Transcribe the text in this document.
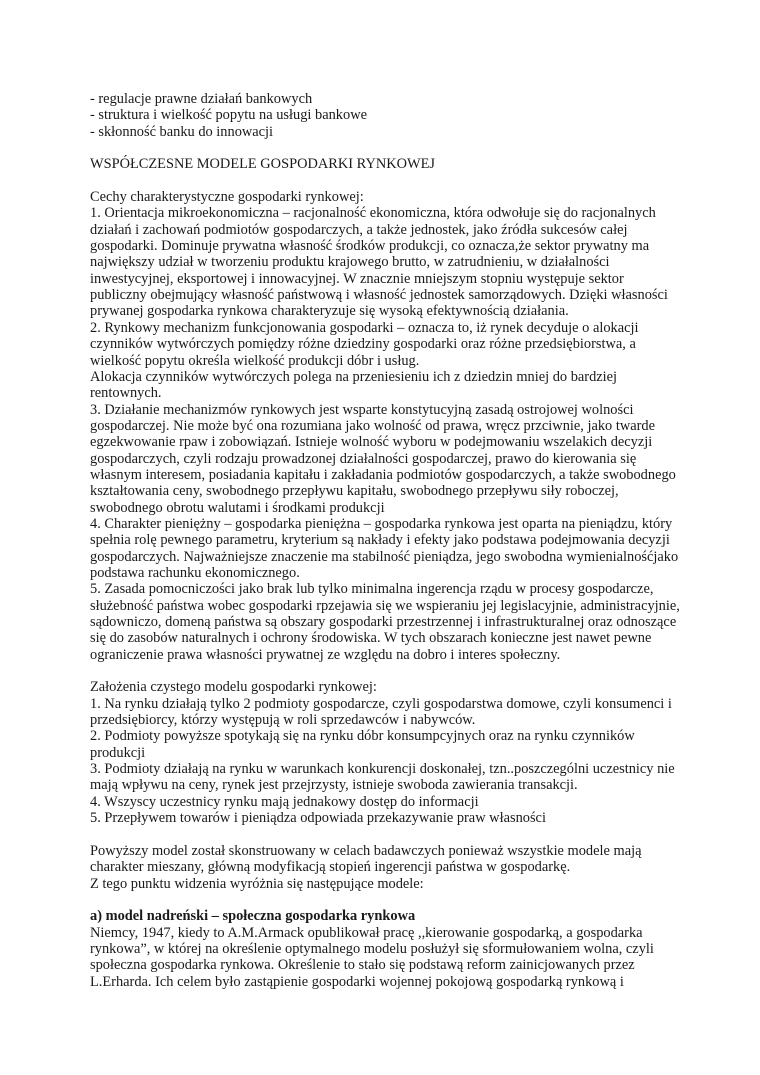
- regulacje prawne działań bankowych
- struktura i wielkość popytu na usługi bankowe
- skłonność banku do innowacji
WSPÓŁCZESNE MODELE GOSPODARKI RYNKOWEJ
Cechy charakterystyczne gospodarki rynkowej:
1. Orientacja mikroekonomiczna – racjonalność ekonomiczna, która odwołuje się do racjonalnych
działań i zachowań podmiotów gospodarczych, a także jednostek, jako źródła sukcesów całej
gospodarki. Dominuje prywatna własność środków produkcji, co oznacza,że sektor prywatny ma
największy udział w tworzeniu produktu krajowego brutto, w zatrudnieniu, w działalności
inwestycyjnej, eksportowej i innowacyjnej. W znacznie mniejszym stopniu występuje sektor
publiczny obejmujący własność państwową i własność jednostek samorządowych. Dzięki własności
prywanej gospodarka rynkowa charakteryzuje się wysoką efektywnością działania.
2. Rynkowy mechanizm funkcjonowania gospodarki – oznacza to, iż rynek decyduje o alokacji
czynników wytwórczych pomiędzy różne dziedziny gospodarki oraz różne przedsiębiorstwa, a
wielkość popytu określa wielkość produkcji dóbr i usług.
Alokacja czynników wytwórczych polega na przeniesieniu ich z dziedzin mniej do bardziej
rentownych.
3. Działanie mechanizmów rynkowych jest wsparte konstytucyjną zasadą ostrojowej wolności
gospodarczej. Nie może być ona rozumiana jako wolność od prawa, wręcz przciwnie, jako twarde
egzekwowanie rpaw i zobowiązań. Istnieje wolność wyboru w podejmowaniu wszelakich decyzji
gospodarczych, czyli rodzaju prowadzonej działalności gospodarczej, prawo do kierowania się
własnym interesem, posiadania kapitału i zakładania podmiotów gospodarczych, a także swobodnego
kształtowania ceny, swobodnego przepływu kapitału, swobodnego przepływu siły roboczej,
swobodnego obrotu walutami i środkami produkcji
4. Charakter pieniężny – gospodarka pieniężna – gospodarka rynkowa jest oparta na pieniądzu, który
spełnia rolę pewnego parametru, kryterium są nakłady i efekty jako podstawa podejmowania decyzji
gospodarczych. Najważniejsze znaczenie ma stabilność pieniądza, jego swobodna wymienialnośćjako
podstawa rachunku ekonomicznego.
5. Zasada pomocniczości jako brak lub tylko minimalna ingerencja rządu w procesy gospodarcze,
służebność państwa wobec gospodarki rpzejawia się we wspieraniu jej legislacyjnie, administracyjnie,
sądowniczo, domeną państwa są obszary gospodarki przestrzennej i infrastrukturalnej oraz odnoszące
się do zasobów naturalnych i ochrony środowiska. W tych obszarach konieczne jest nawet pewne
ograniczenie prawa własności prywatnej ze względu na dobro i interes społeczny.
Założenia czystego modelu gospodarki rynkowej:
1. Na rynku działają tylko 2 podmioty gospodarcze, czyli gospodarstwa domowe, czyli konsumenci i
przedsiębiorcy, którzy występują w roli sprzedawców i nabywców.
2. Podmioty powyższe spotykają się na rynku dóbr konsumpcyjnych oraz na rynku czynników
produkcji
3. Podmioty działają na rynku w warunkach konkurencji doskonałej, tzn..poszczególni uczestnicy nie
mają wpływu na ceny, rynek jest przejrzysty, istnieje swoboda zawierania transakcji.
4. Wszyscy uczestnicy rynku mają jednakowy dostęp do informacji
5. Przepływem towarów i pieniądza odpowiada przekazywanie praw własności
Powyższy model został skonstruowany w celach badawczych ponieważ wszystkie modele mają
charakter mieszany, główną modyfikacją stopień ingerencji państwa w gospodarkę.
Z tego punktu widzenia wyróżnia się następujące modele:
a) model nadreński – społeczna gospodarka rynkowa
Niemcy, 1947, kiedy to A.M.Armack opublikował pracę ,,kierowanie gospodarką, a gospodarka
rynkowa”, w której na określenie optymalnego modelu posłużył się sformułowaniem wolna, czyli
społeczna gospodarka rynkowa. Określenie to stało się podstawą reform zainicjowanych przez
L.Erharda. Ich celem było zastąpienie gospodarki wojennej pokojową gospodarką rynkową i
